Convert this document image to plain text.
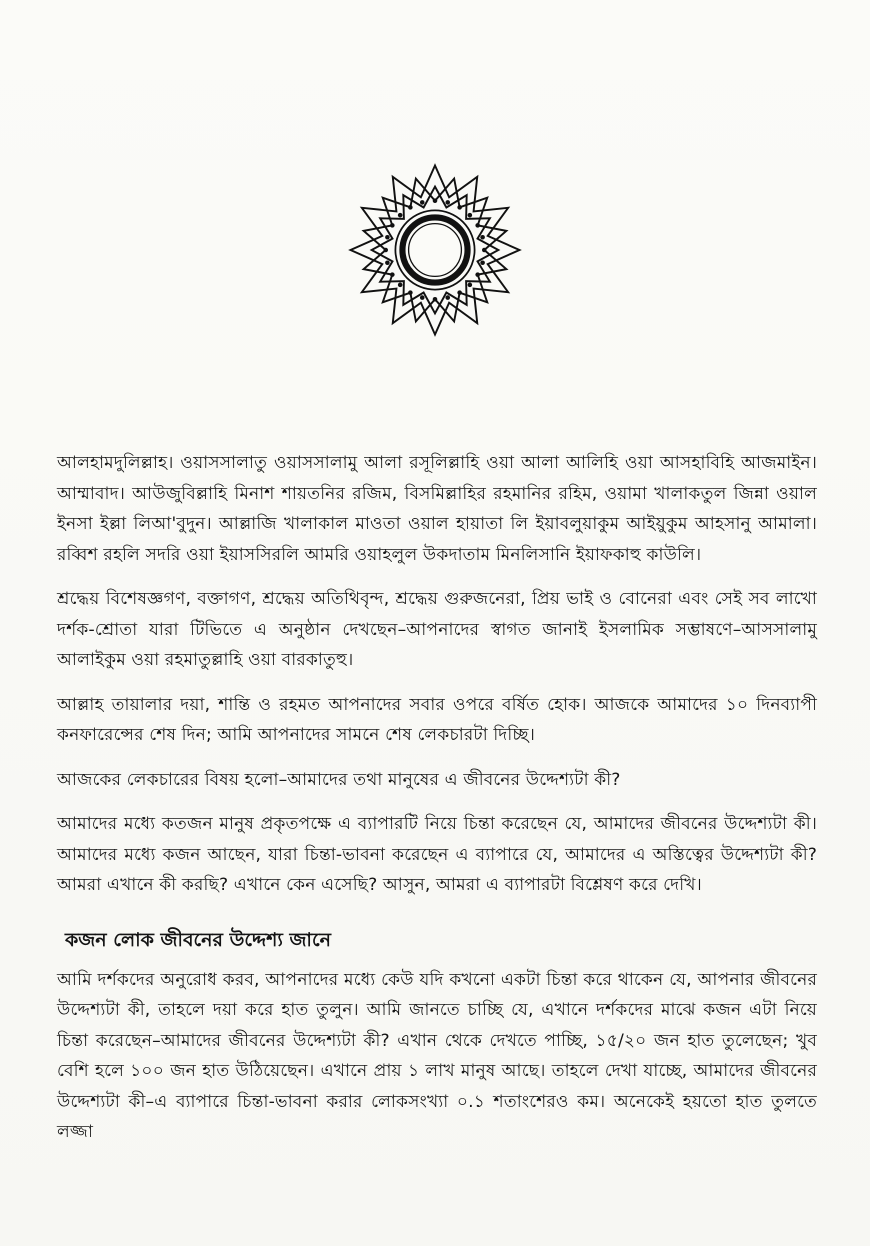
আলহামদুলিল্লাহ। ওয়াসসালাতু ওয়াসসালামু আলা রসূলিল্লাহি ওয়া আলা আলিহি ওয়া আসহাবিহি আজমাইন। আম্মাবাদ। আউজুবিল্লাহি মিনাশ শায়তনির রজিম, বিসমিল্লাহির রহমানির রহিম, ওয়ামা খালাকতুল জিন্না ওয়াল ইনসা ইল্লা লিআ'বুদুন। আল্লাজি খালাকাল মাওতা ওয়াল হায়াতা লি ইয়াবলুয়াকুম আইয়ুকুম আহসানু আমালা। রব্বিশ রহলি সদরি ওয়া ইয়াসসিরলি আমরি ওয়াহলুল উকদাতাম মিনলিসানি ইয়াফকাহু কাউলি।

শ্রদ্ধেয় বিশেষজ্ঞগণ, বক্তাগণ, শ্রদ্ধেয় অতিথিবৃন্দ, শ্রদ্ধেয় গুরুজনেরা, প্রিয় ভাই ও বোনেরা এবং সেই সব লাখো দর্শক-শ্রোতা যারা টিভিতে এ অনুষ্ঠান দেখছেন–আপনাদের স্বাগত জানাই ইসলামিক সম্ভাষণে–আসসালামু আলাইকুম ওয়া রহমাতুল্লাহি ওয়া বারকাতুহু।

আল্লাহ তায়ালার দয়া, শান্তি ও রহমত আপনাদের সবার ওপরে বর্ষিত হোক। আজকে আমাদের ১০ দিনব্যাপী কনফারেন্সের শেষ দিন; আমি আপনাদের সামনে শেষ লেকচারটা দিচ্ছি।

আজকের লেকচারের বিষয় হলো–আমাদের তথা মানুষের এ জীবনের উদ্দেশ্যটা কী?

আমাদের মধ্যে কতজন মানুষ প্রকৃতপক্ষে এ ব্যাপারটি নিয়ে চিন্তা করেছেন যে, আমাদের জীবনের উদ্দেশ্যটা কী। আমাদের মধ্যে কজন আছেন, যারা চিন্তা-ভাবনা করেছেন এ ব্যাপারে যে, আমাদের এ অস্তিত্বের উদ্দেশ্যটা কী? আমরা এখানে কী করছি? এখানে কেন এসেছি? আসুন, আমরা এ ব্যাপারটা বিশ্লেষণ করে দেখি।

কজন লোক জীবনের উদ্দেশ্য জানে

আমি দর্শকদের অনুরোধ করব, আপনাদের মধ্যে কেউ যদি কখনো একটা চিন্তা করে থাকেন যে, আপনার জীবনের উদ্দেশ্যটা কী, তাহলে দয়া করে হাত তুলুন। আমি জানতে চাচ্ছি যে, এখানে দর্শকদের মাঝে কজন এটা নিয়ে চিন্তা করেছেন–আমাদের জীবনের উদ্দেশ্যটা কী? এখান থেকে দেখতে পাচ্ছি, ১৫/২০ জন হাত তুলেছেন; খুব বেশি হলে ১০০ জন হাত উঠিয়েছেন। এখানে প্রায় ১ লাখ মানুষ আছে। তাহলে দেখা যাচ্ছে, আমাদের জীবনের উদ্দেশ্যটা কী–এ ব্যাপারে চিন্তা-ভাবনা করার লোকসংখ্যা ০.১ শতাংশেরও কম। অনেকেই হয়তো হাত তুলতে লজ্জা
